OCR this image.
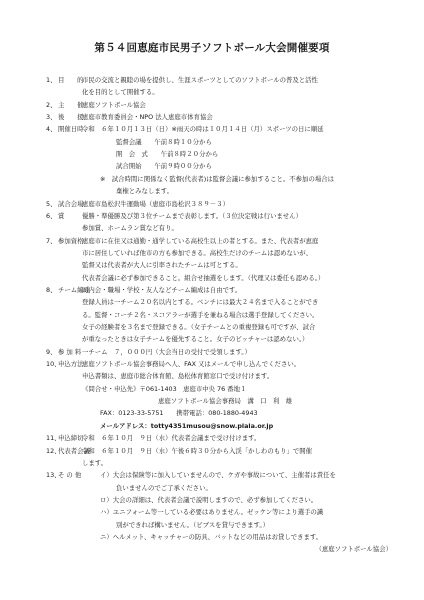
第５４回恵庭市民男子ソフトボール大会開催要項
1、 目　　的
市民の交流と親睦の場を提供し、生涯スポーツとしてのソフトボールの普及と活性
化を目的として開催する。
2、 主　　催
恵庭ソフトボール協会
3、 後　　援
恵庭市教育委員会・NPO 法人恵庭市体育協会
4、 開催日時
令和　６年１０月１３日（日）※雨天の時は１０月１４日（月）スポーツの日に順延
監督会議　　午前８時１０分から
開　会　式　　午前８時２０分から
試合開始　　午前９時００分から
※　試合時間に関係なく監督(代表者)は監督会議に参加すること。不参加の場合は
棄権とみなします。
5、 試合会場
恵庭市島松沢牛運動場（恵庭市島松沢３８９－３）
6、 賞　　 優勝・準優勝及び第３位チームまで表彰します。（３位決定戦は行いません）
参加賞、ホームラン賞など有り。
7、 参加資格
恵庭市に在住又は通勤・通学している高校生以上の者とする。また、代表者が恵庭
市に居住していれば他市の方も参加できる。高校生だけのチームは認めないが、
監督又は代表者が大人に引率されたチームは可とする。
代表者会議に必ず参加できること。組合せ抽選をします。（代理又は委任も認める。）
8、 チーム編成
司内会・職場・学校・友人などチーム編成は自由です。
登録人員は一チーム２０名以内とする。ベンチには最大２４名まで入ることができ
る。監督・コーチ２名・スコアラーが選手を兼ねる場合は選手登録してください。
女子の経験者を３名まで登録できる。（女子チームとの重複登録も可ですが、試合
が重なったときは女子チームを優先すること。女子のピッチャーは認めない。）
9、 参 加 料 一チーム　７，０００円（大会当日の受付で受領します。）
10、
申込方法
恵庭ソフトボール協会事務局へ人、FAX 又はメールで申し込んでください。
申込書類は、恵庭市総合体育館、島松体育館窓口で受け付けます。
《問合せ・申込先》〒061-1403　恵庭市中央 76 番地１
恵庭ソフトボール協会事務局　溝　口　利　雄
FAX：0123-33-5751　　携帯電話：080-1880-4943
メールアドレス：totty4351musou@snow.plala.or.jp
11、
申込締切
令和　６年１０月　９日（水）代表者会議まで受け付けます。
12、
代表者会議
令和　６年１０月　９日（水）午後６時３０分から入渓「かしわのもり」で開催
します。
13、
そ の 他	イ）大会は保険等に加入していませんので、ケガや事故について、主催者は責任を
負いませんのでご了承ください。
ロ）大会の詳細は、代表者会議で説明しますので、必ず参加してください。
ハ）ユニフォーム等一している必要はありません。ゼッケン等により選手の識
別ができれば構いません。（ビブスを貸与できます。）
ニ）ヘルメット、キャッチャーの防具、バットなどの用品はお貸しできます。
（恵庭ソフトボール協会）
